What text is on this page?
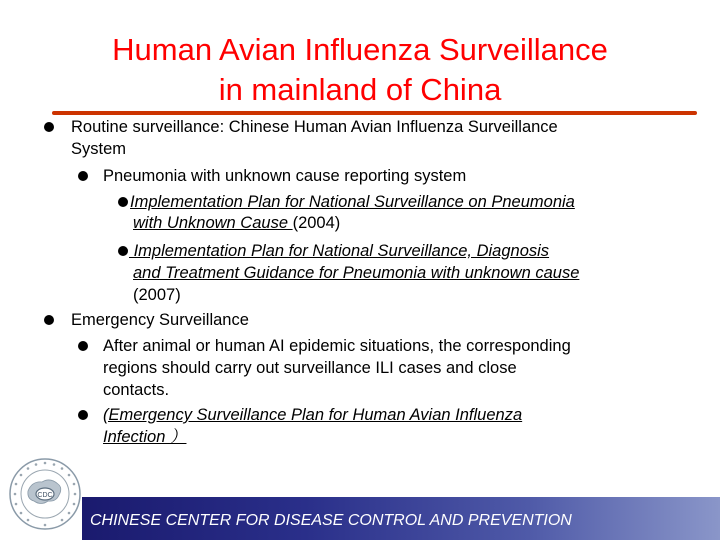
Human Avian Influenza Surveillance
in mainland of China
Routine surveillance: Chinese Human Avian Influenza Surveillance
System
Pneumonia with unknown cause reporting system
Implementation Plan for National Surveillance on Pneumonia
with Unknown Cause (2004)
Implementation Plan for National Surveillance, Diagnosis
and Treatment Guidance for Pneumonia with unknown cause
(2007)
Emergency Surveillance
After animal or human AI epidemic situations, the corresponding
regions should carry out surveillance ILI cases and close
contacts.
(Emergency Surveillance Plan for Human Avian Influenza
Infection ）
CDC
CHINESE CENTER FOR DISEASE CONTROL AND PREVENTION
